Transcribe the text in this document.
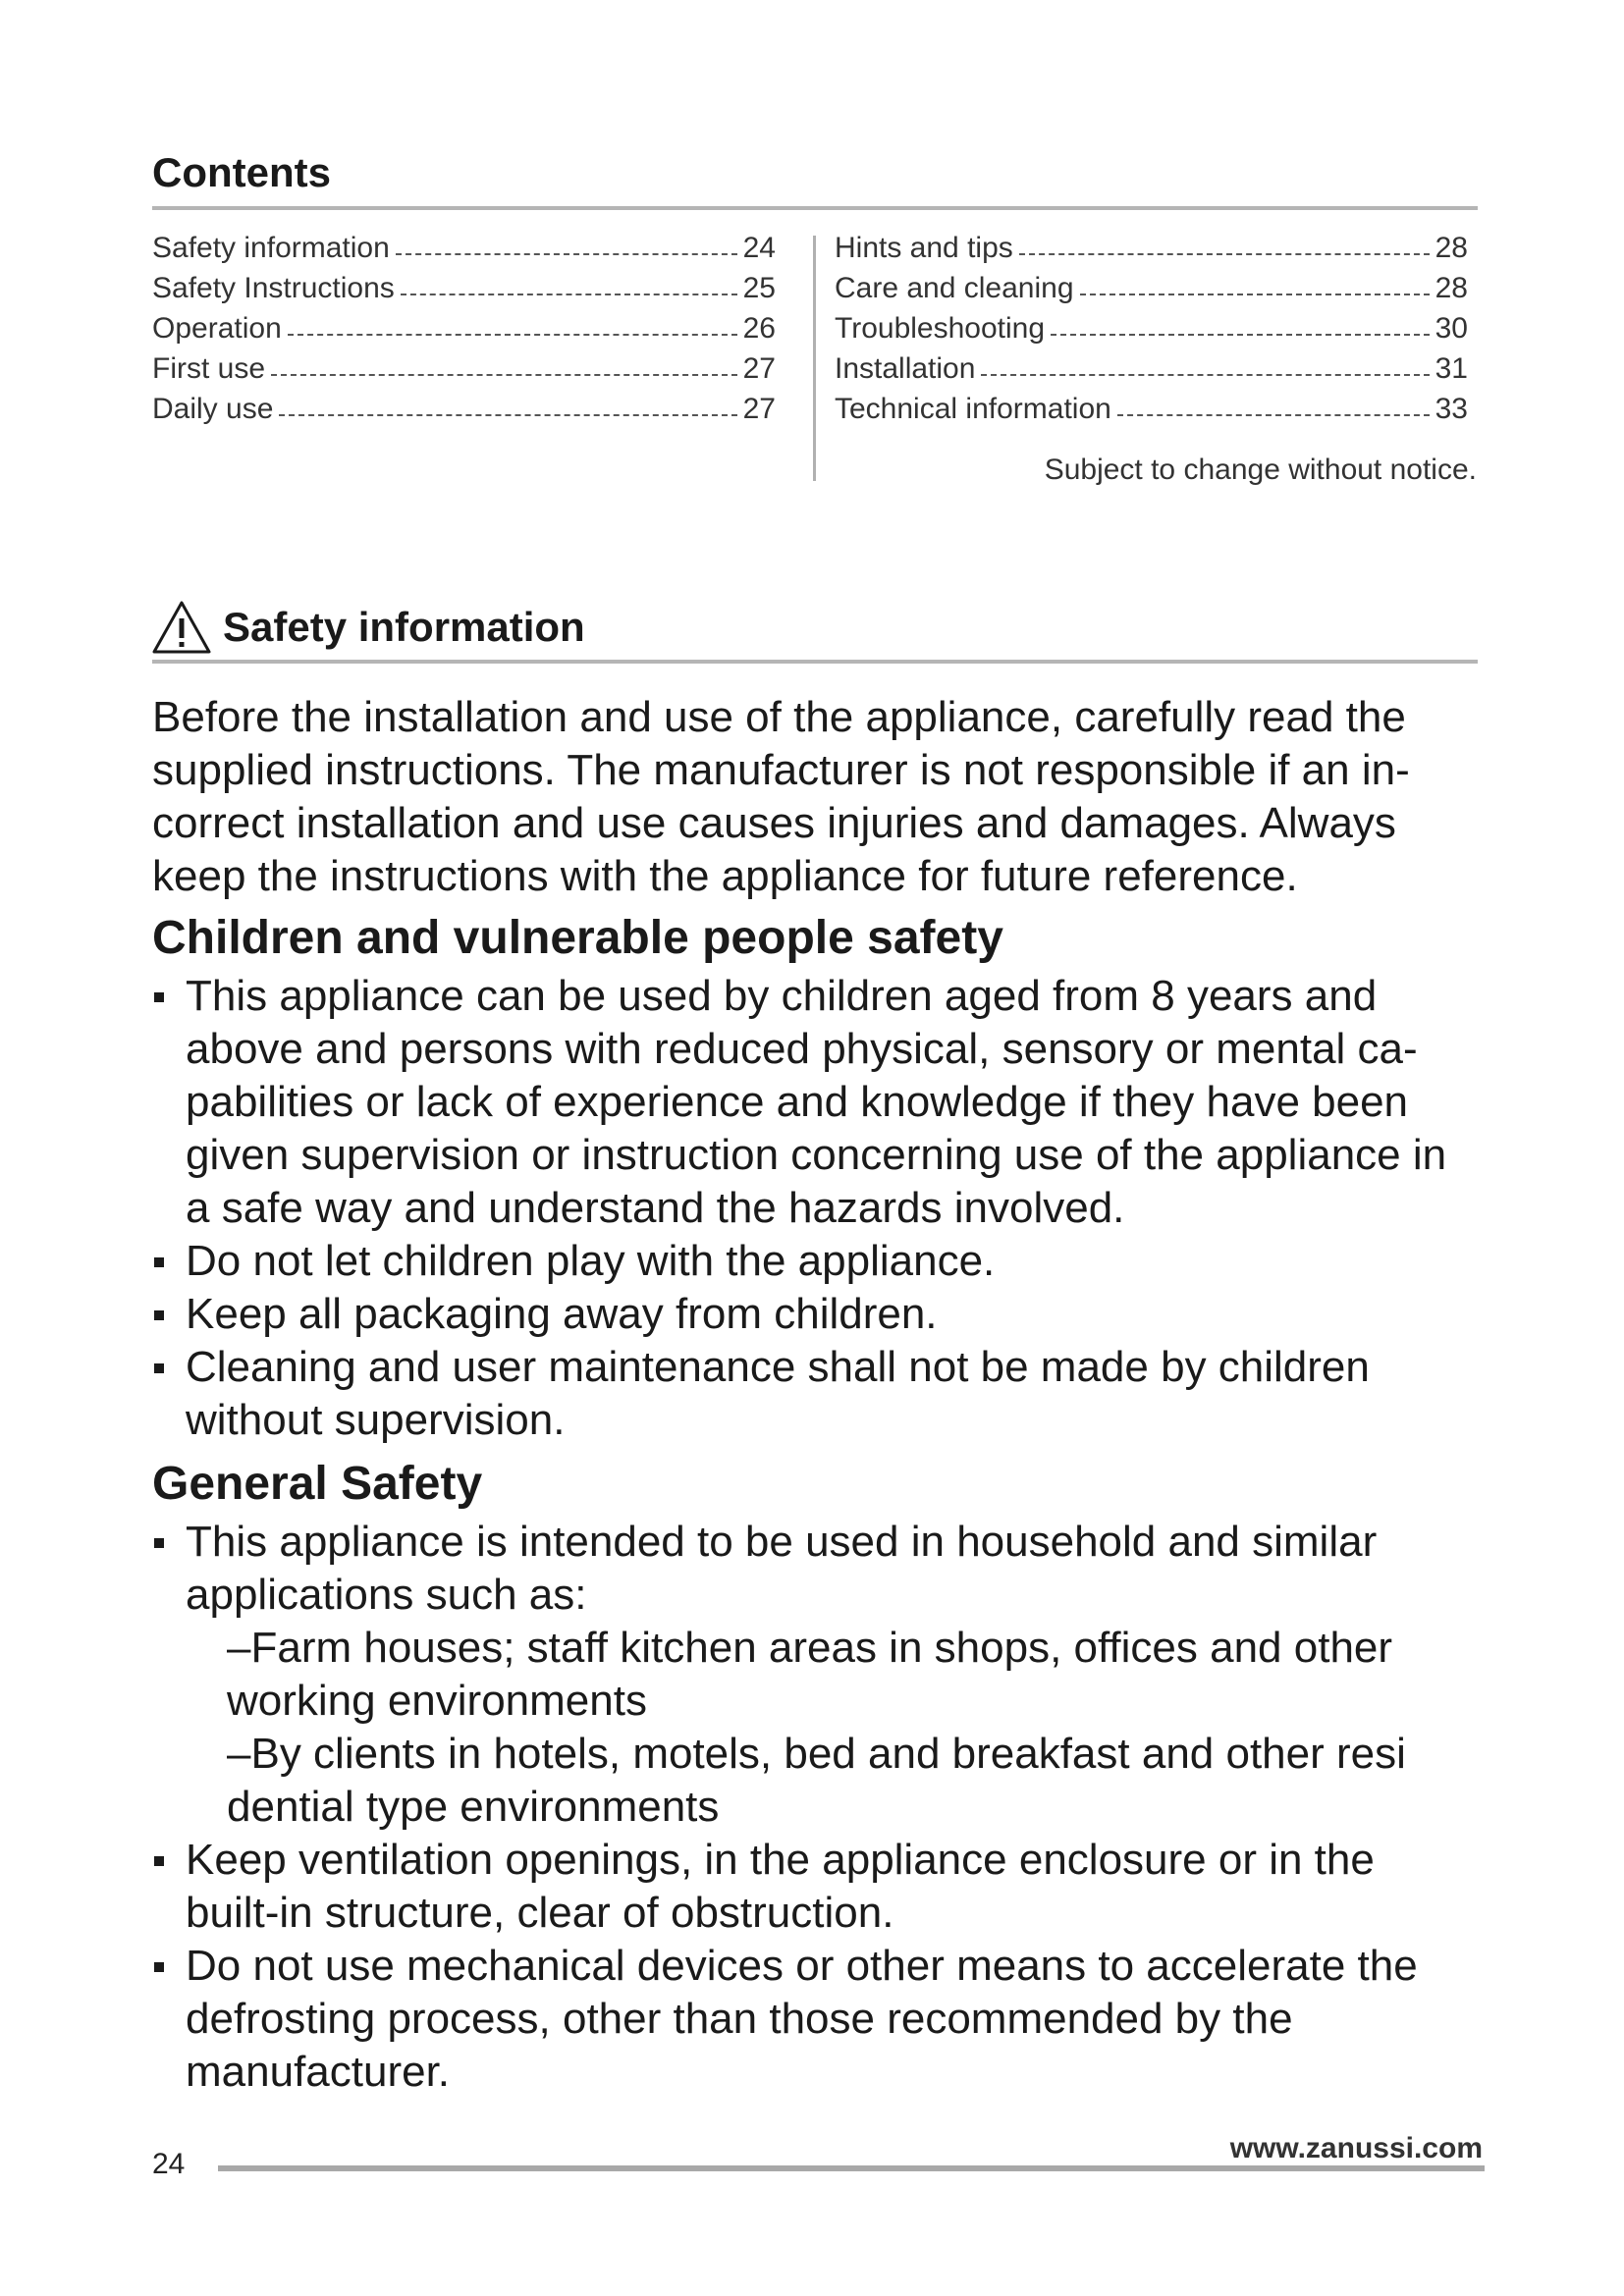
Contents
Safety information	24
Safety Instructions	25
Operation	26
First use	27
Daily use	27
Hints and tips	28
Care and cleaning	28
Troubleshooting	30
Installation	31
Technical information	33
Subject to change without notice.
Safety information

Before the installation and use of the appliance, carefully read the supplied instructions. The manufacturer is not responsible if an in- correct installation and use causes injuries and damages. Always keep the instructions with the appliance for future reference.

Children and vulnerable people safety
This appliance can be used by children aged from 8 years and above and persons with reduced physical, sensory or mental ca- pabilities or lack of experience and knowledge if they have been given supervision or instruction concerning use of the appliance in a safe way and understand the hazards involved.
Do not let children play with the appliance.
Keep all packaging away from children.
Cleaning and user maintenance shall not be made by children without supervision.
General Safety
This appliance is intended to be used in household and similar applications such as:
–Farm houses; staff kitchen areas in shops, offices and other working environments
–By clients in hotels, motels, bed and breakfast and other resi dential type environments
Keep ventilation openings, in the appliance enclosure or in the built-in structure, clear of obstruction.
Do not use mechanical devices or other means to accelerate the defrosting process, other than those recommended by the manufacturer.
24	www.zanussi.com
